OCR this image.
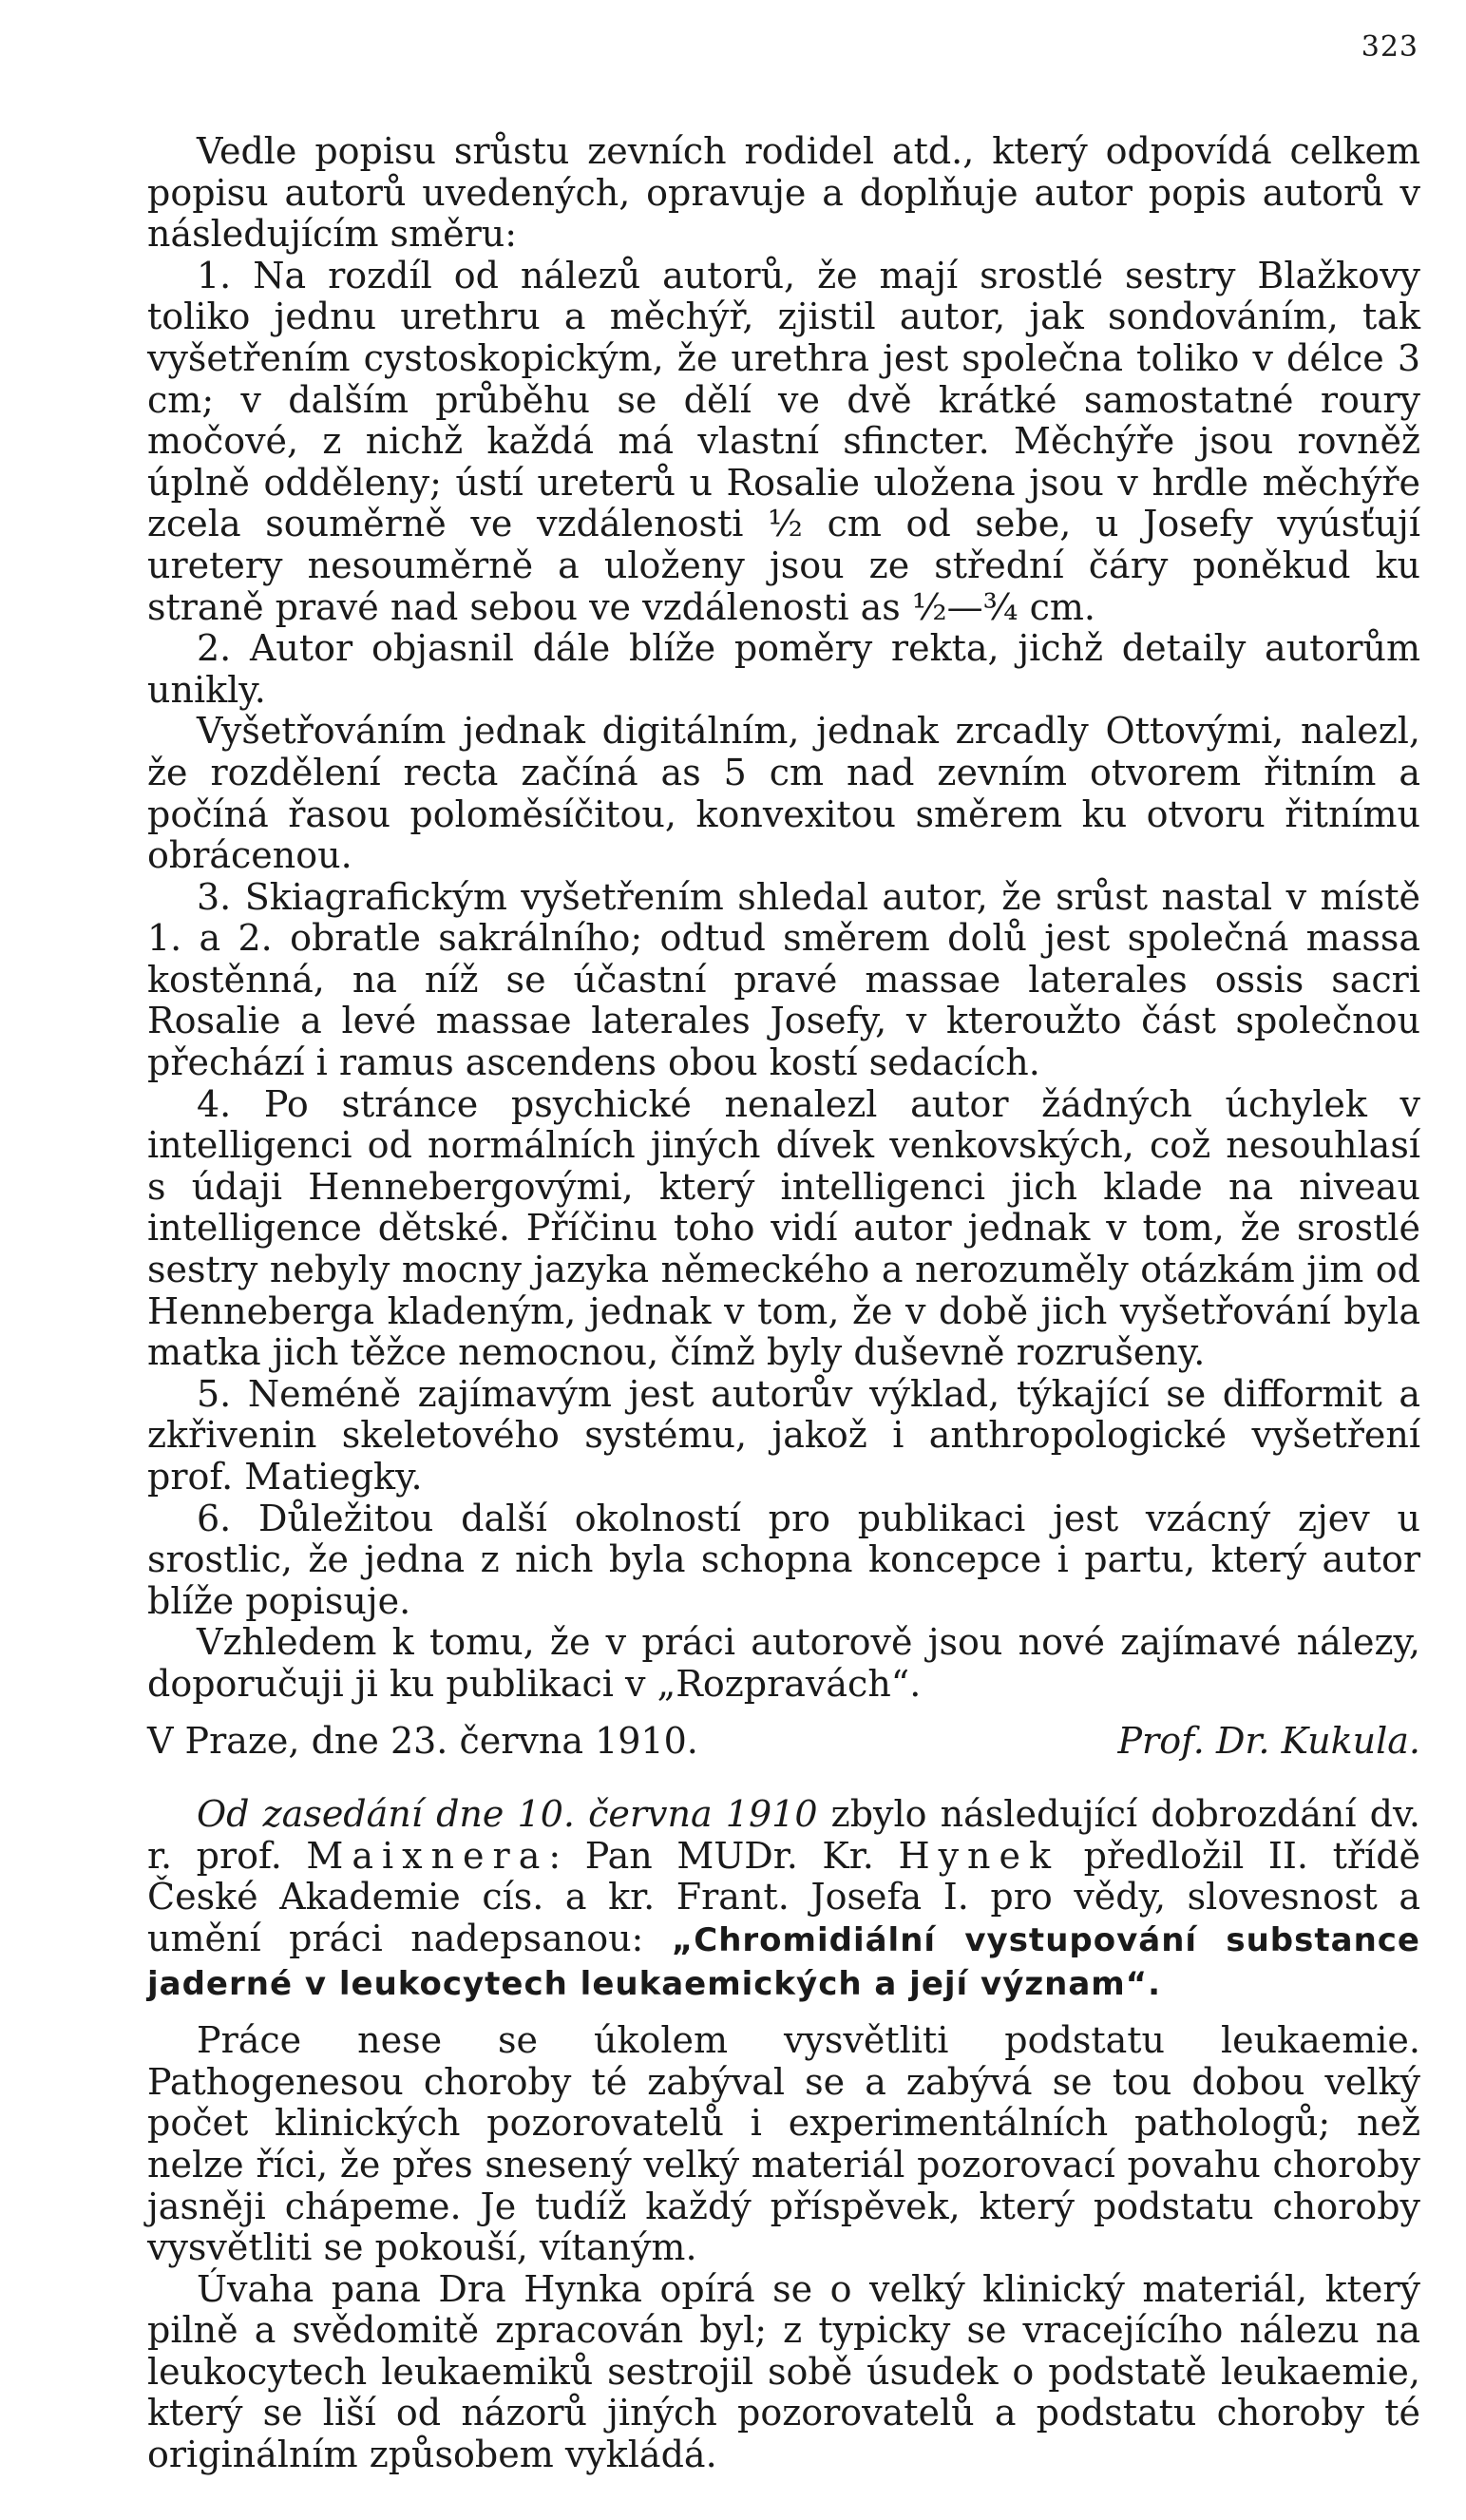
323

Vedle popisu srůstu zevních rodidel atd., který odpovídá celkem popisu autorů uvedených, opravuje a doplňuje autor popis autorů v následujícím směru:

1. Na rozdíl od nálezů autorů, že mají srostlé sestry Blažkovy toliko jednu urethru a měchýř, zjistil autor, jak sondováním, tak vyšetřením cystoskopickým, že urethra jest společna toliko v délce 3 cm; v dalším průběhu se dělí ve dvě krátké samostatné roury močové, z nichž každá má vlastní sfincter. Měchýře jsou rovněž úplně odděleny; ústí ureterů u Rosalie uložena jsou v hrdle měchýře zcela souměrně ve vzdálenosti ½ cm od sebe, u Josefy vyúsťují uretery nesouměrně a uloženy jsou ze střední čáry poněkud ku straně pravé nad sebou ve vzdálenosti as ½—¾ cm.

2. Autor objasnil dále blíže poměry rekta, jichž detaily autorům unikly.

Vyšetřováním jednak digitálním, jednak zrcadly Ottovými, nalezl, že rozdělení recta začíná as 5 cm nad zevním otvorem řitním a počíná řasou poloměsíčitou, konvexitou směrem ku otvoru řitnímu obrácenou.

3. Skiagrafickým vyšetřením shledal autor, že srůst nastal v místě 1. a 2. obratle sakrálního; odtud směrem dolů jest společná massa kostěnná, na níž se účastní pravé massae laterales ossis sacri Rosalie a levé massae laterales Josefy, v kteroužto část společnou přechází i ramus ascendens obou kostí sedacích.

4. Po stránce psychické nenalezl autor žádných úchylek v intelligenci od normálních jiných dívek venkovských, což nesouhlasí s údaji Hennebergovými, který intelligenci jich klade na niveau intelligence dětské. Příčinu toho vidí autor jednak v tom, že srostlé sestry nebyly mocny jazyka německého a nerozuměly otázkám jim od Henneberga kladeným, jednak v tom, že v době jich vyšetřování byla matka jich těžce nemocnou, čímž byly duševně rozrušeny.

5. Neméně zajímavým jest autorův výklad, týkající se difformit a zkřivenin skeletového systému, jakož i anthropologické vyšetření prof. Matiegky.

6. Důležitou další okolností pro publikaci jest vzácný zjev u srostlic, že jedna z nich byla schopna koncepce i partu, který autor blíže popisuje.

Vzhledem k tomu, že v práci autorově jsou nové zajímavé nálezy, doporučuji ji ku publikaci v „Rozpravách“.

V Praze, dne 23. června 1910.	Prof. Dr. Kukula.

Od zasedání dne 10. června 1910 zbylo následující dobrozdání dv. r. prof. Maixnera: Pan MUDr. Kr. Hynek předložil II. třídě České Akademie cís. a kr. Frant. Josefa I. pro vědy, slovesnost a umění práci nadepsanou: „Chromidiální vystupování substance jaderné v leukocytech leukaemických a její význam“.

Práce nese se úkolem vysvětliti podstatu leukaemie. Pathogenesou choroby té zabýval se a zabývá se tou dobou velký počet klinických pozorovatelů i experimentálních pathologů; než nelze říci, že přes snesený velký materiál pozorovací povahu choroby jasněji chápeme. Je tudíž každý příspěvek, který podstatu choroby vysvětliti se pokouší, vítaným.

Úvaha pana Dra Hynka opírá se o velký klinický materiál, který pilně a svědomitě zpracován byl; z typicky se vracejícího nálezu na leukocytech leukaemiků sestrojil sobě úsudek o podstatě leukaemie, který se liší od názorů jiných pozorovatelů a podstatu choroby té originálním způsobem vykládá.
